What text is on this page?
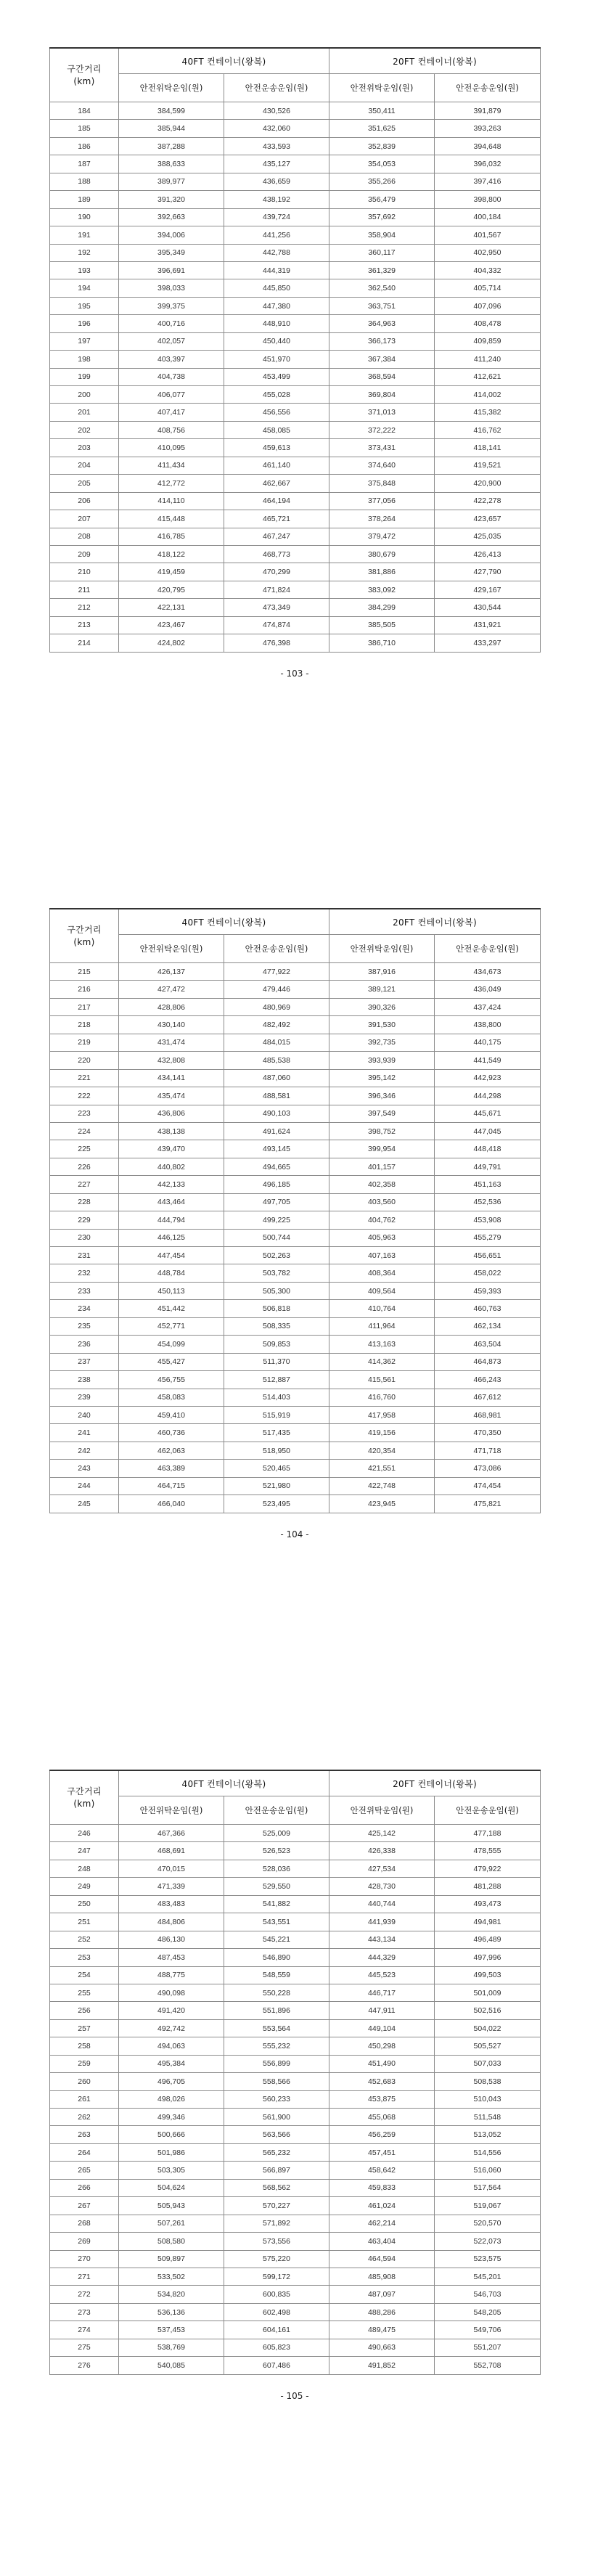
구간거리
(km)	40FT 컨테이너(왕복)		20FT 컨테이너(왕복)	
	안전위탁운임(원)	안전운송운임(원)	안전위탁운임(원)	안전운송운임(원)
184	384,599	430,526	350,411	391,879
185	385,944	432,060	351,625	393,263
186	387,288	433,593	352,839	394,648
187	388,633	435,127	354,053	396,032
188	389,977	436,659	355,266	397,416
189	391,320	438,192	356,479	398,800
190	392,663	439,724	357,692	400,184
191	394,006	441,256	358,904	401,567
192	395,349	442,788	360,117	402,950
193	396,691	444,319	361,329	404,332
194	398,033	445,850	362,540	405,714
195	399,375	447,380	363,751	407,096
196	400,716	448,910	364,963	408,478
197	402,057	450,440	366,173	409,859
198	403,397	451,970	367,384	411,240
199	404,738	453,499	368,594	412,621
200	406,077	455,028	369,804	414,002
201	407,417	456,556	371,013	415,382
202	408,756	458,085	372,222	416,762
203	410,095	459,613	373,431	418,141
204	411,434	461,140	374,640	419,521
205	412,772	462,667	375,848	420,900
206	414,110	464,194	377,056	422,278
207	415,448	465,721	378,264	423,657
208	416,785	467,247	379,472	425,035
209	418,122	468,773	380,679	426,413
210	419,459	470,299	381,886	427,790
211	420,795	471,824	383,092	429,167
212	422,131	473,349	384,299	430,544
213	423,467	474,874	385,505	431,921
214	424,802	476,398	386,710	433,297
- 103 -
구간거리
(km)	40FT 컨테이너(왕복)		20FT 컨테이너(왕복)	
	안전위탁운임(원)	안전운송운임(원)	안전위탁운임(원)	안전운송운임(원)
215	426,137	477,922	387,916	434,673
216	427,472	479,446	389,121	436,049
217	428,806	480,969	390,326	437,424
218	430,140	482,492	391,530	438,800
219	431,474	484,015	392,735	440,175
220	432,808	485,538	393,939	441,549
221	434,141	487,060	395,142	442,923
222	435,474	488,581	396,346	444,298
223	436,806	490,103	397,549	445,671
224	438,138	491,624	398,752	447,045
225	439,470	493,145	399,954	448,418
226	440,802	494,665	401,157	449,791
227	442,133	496,185	402,358	451,163
228	443,464	497,705	403,560	452,536
229	444,794	499,225	404,762	453,908
230	446,125	500,744	405,963	455,279
231	447,454	502,263	407,163	456,651
232	448,784	503,782	408,364	458,022
233	450,113	505,300	409,564	459,393
234	451,442	506,818	410,764	460,763
235	452,771	508,335	411,964	462,134
236	454,099	509,853	413,163	463,504
237	455,427	511,370	414,362	464,873
238	456,755	512,887	415,561	466,243
239	458,083	514,403	416,760	467,612
240	459,410	515,919	417,958	468,981
241	460,736	517,435	419,156	470,350
242	462,063	518,950	420,354	471,718
243	463,389	520,465	421,551	473,086
244	464,715	521,980	422,748	474,454
245	466,040	523,495	423,945	475,821
- 104 -
구간거리
(km)	40FT 컨테이너(왕복)		20FT 컨테이너(왕복)	
	안전위탁운임(원)	안전운송운임(원)	안전위탁운임(원)	안전운송운임(원)
246	467,366	525,009	425,142	477,188
247	468,691	526,523	426,338	478,555
248	470,015	528,036	427,534	479,922
249	471,339	529,550	428,730	481,288
250	483,483	541,882	440,744	493,473
251	484,806	543,551	441,939	494,981
252	486,130	545,221	443,134	496,489
253	487,453	546,890	444,329	497,996
254	488,775	548,559	445,523	499,503
255	490,098	550,228	446,717	501,009
256	491,420	551,896	447,911	502,516
257	492,742	553,564	449,104	504,022
258	494,063	555,232	450,298	505,527
259	495,384	556,899	451,490	507,033
260	496,705	558,566	452,683	508,538
261	498,026	560,233	453,875	510,043
262	499,346	561,900	455,068	511,548
263	500,666	563,566	456,259	513,052
264	501,986	565,232	457,451	514,556
265	503,305	566,897	458,642	516,060
266	504,624	568,562	459,833	517,564
267	505,943	570,227	461,024	519,067
268	507,261	571,892	462,214	520,570
269	508,580	573,556	463,404	522,073
270	509,897	575,220	464,594	523,575
271	533,502	599,172	485,908	545,201
272	534,820	600,835	487,097	546,703
273	536,136	602,498	488,286	548,205
274	537,453	604,161	489,475	549,706
275	538,769	605,823	490,663	551,207
276	540,085	607,486	491,852	552,708
- 105 -
